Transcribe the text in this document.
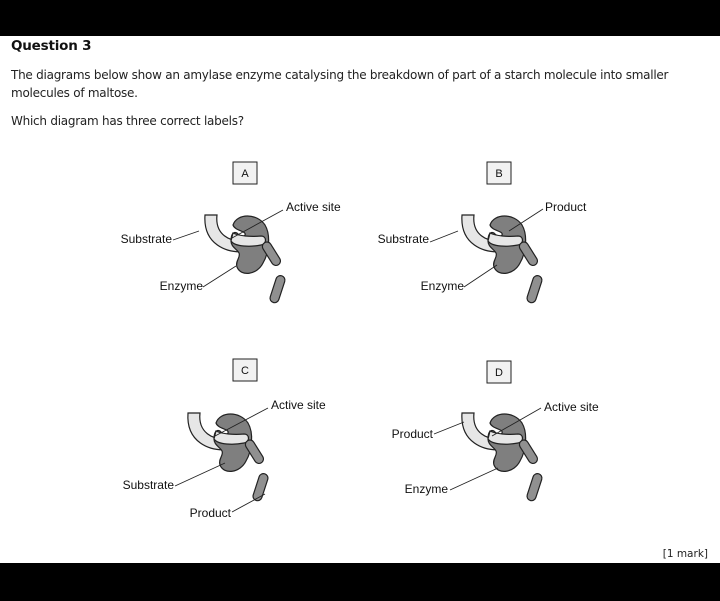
Question 3
The diagrams below show an amylase enzyme catalysing the breakdown of part of a starch molecule into smaller molecules of maltose.
Which diagram has three correct labels?
A
Active site
Substrate
Enzyme
B
Product
Substrate
Enzyme
C
Active site
Substrate
Product
D
Active site
Product
Enzyme
[1 mark]
